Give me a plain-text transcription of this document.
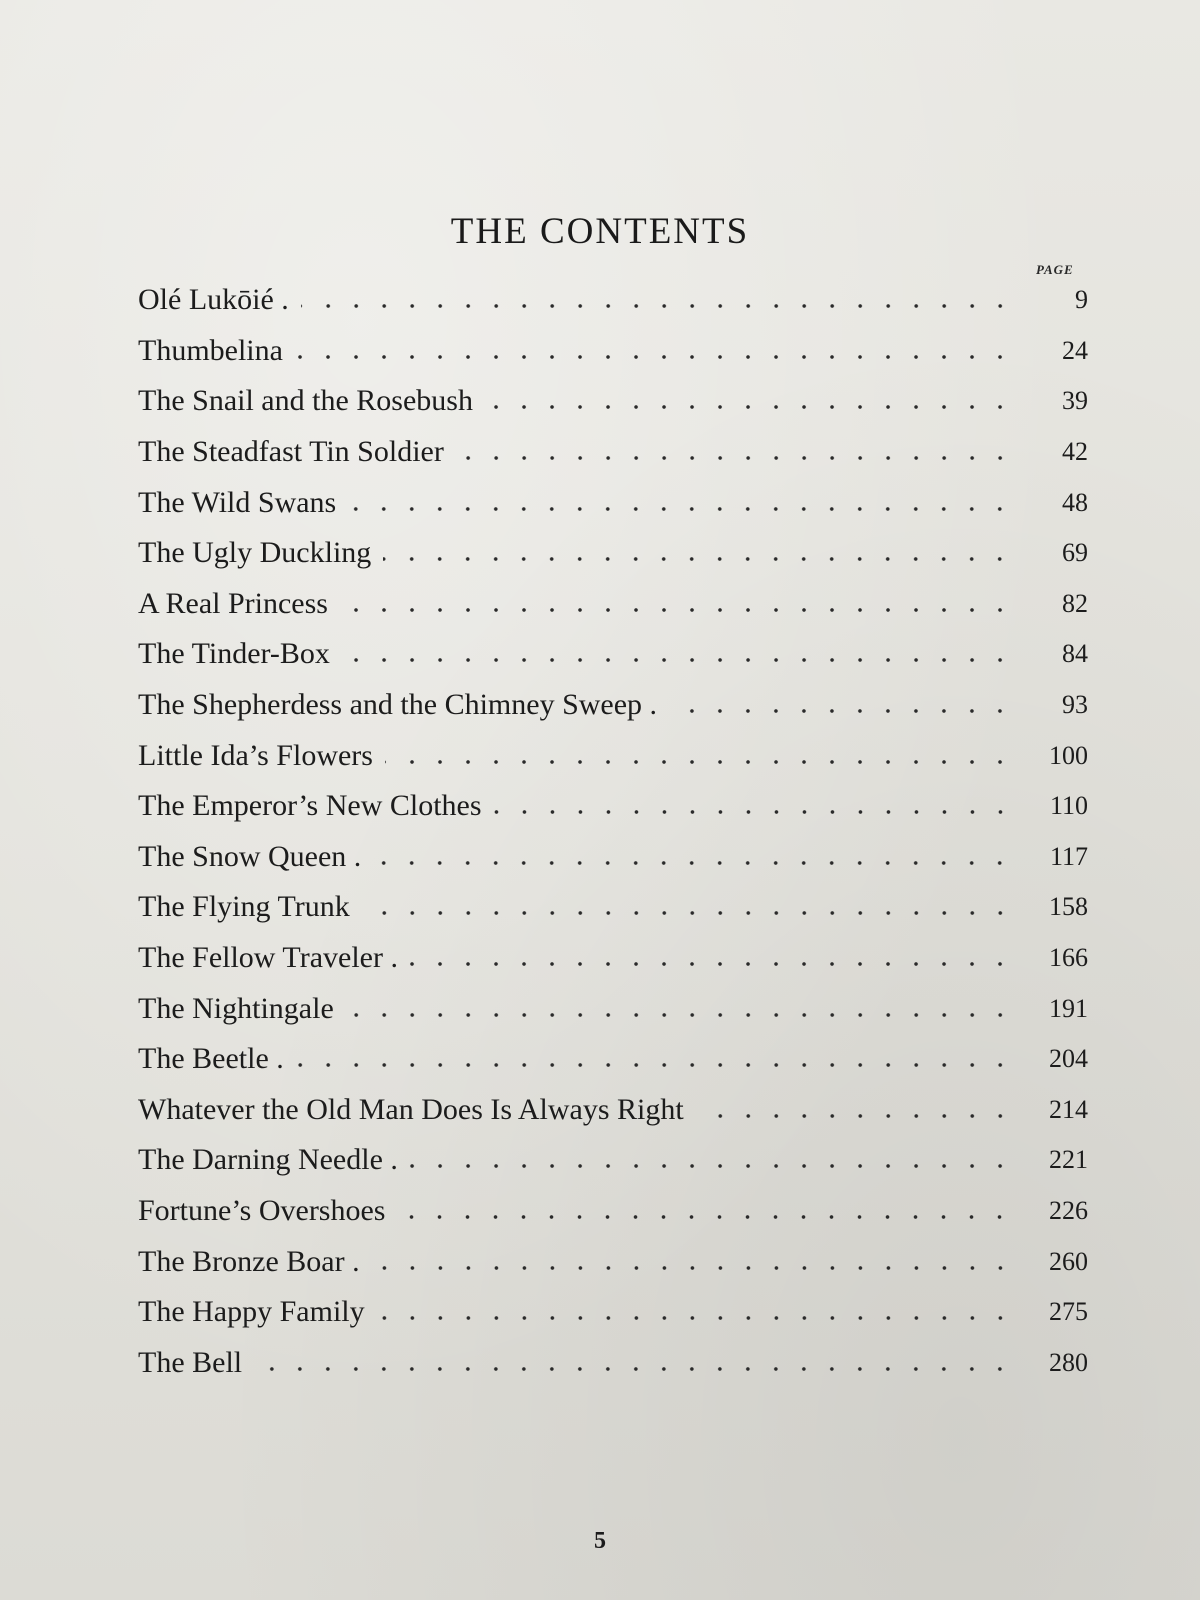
THE CONTENTS
PAGE
Olé Lukōié .	9
Thumbelina	24
The Snail and the Rosebush	39
The Steadfast Tin Soldier	42
The Wild Swans	48
The Ugly Duckling	69
A Real Princess	82
The Tinder-Box	84
The Shepherdess and the Chimney Sweep .	93
Little Ida’s Flowers	100
The Emperor’s New Clothes	110
The Snow Queen .	117
The Flying Trunk	158
The Fellow Traveler .	166
The Nightingale	191
The Beetle .	204
Whatever the Old Man Does Is Always Right	214
The Darning Needle .	221
Fortune’s Overshoes	226
The Bronze Boar .	260
The Happy Family	275
The Bell	280
5
